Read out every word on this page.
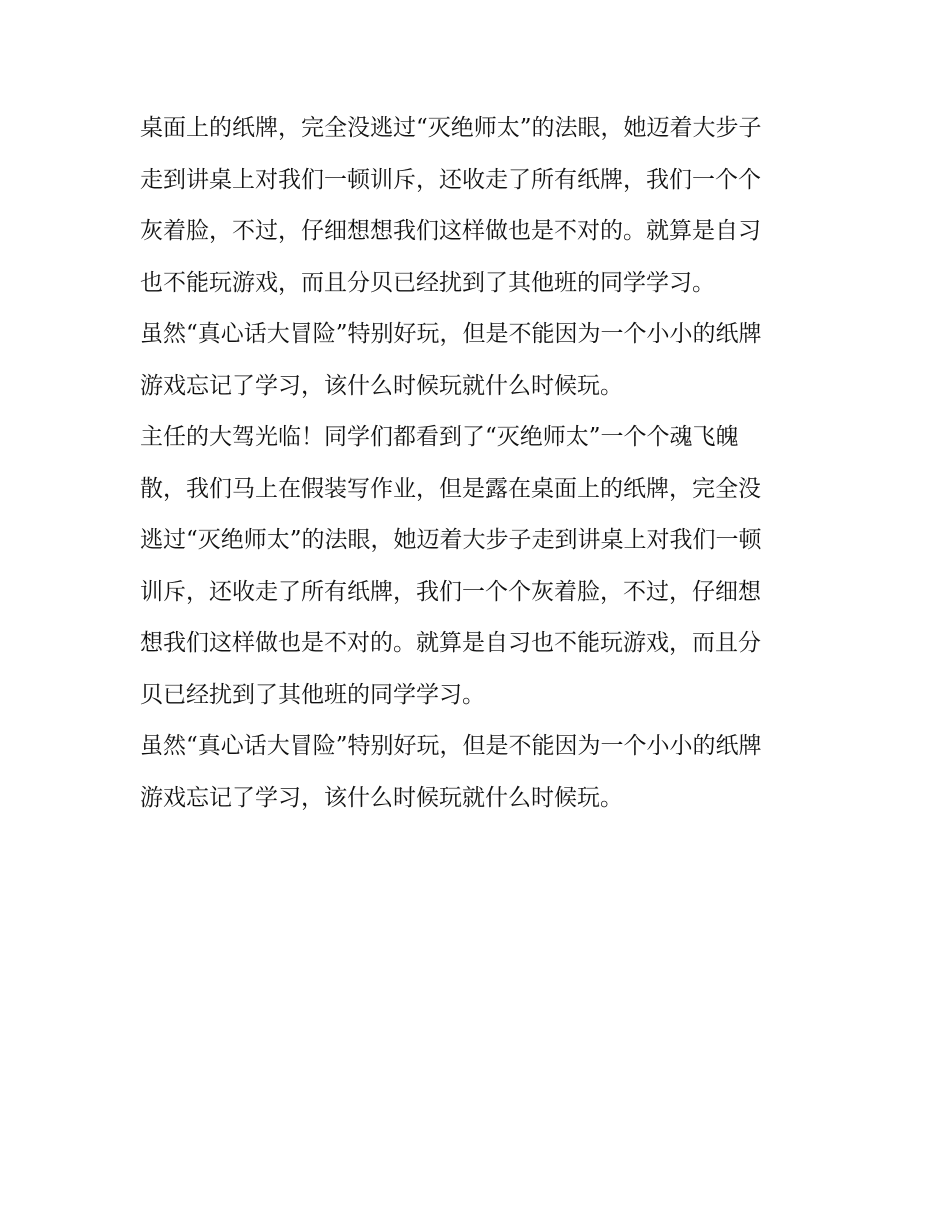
桌面上的纸牌，完全没逃过“灭绝师太”的法眼，她迈着大步子
走到讲桌上对我们一顿训斥，还收走了所有纸牌，我们一个个
灰着脸，不过，仔细想想我们这样做也是不对的。就算是自习
也不能玩游戏，而且分贝已经扰到了其他班的同学学习。
虽然“真心话大冒险”特别好玩，但是不能因为一个小小的纸牌
游戏忘记了学习，该什么时候玩就什么时候玩。
主任的大驾光临！同学们都看到了“灭绝师太”一个个魂飞魄
散，我们马上在假装写作业，但是露在桌面上的纸牌，完全没
逃过“灭绝师太”的法眼，她迈着大步子走到讲桌上对我们一顿
训斥，还收走了所有纸牌，我们一个个灰着脸，不过，仔细想
想我们这样做也是不对的。就算是自习也不能玩游戏，而且分
贝已经扰到了其他班的同学学习。
虽然“真心话大冒险”特别好玩，但是不能因为一个小小的纸牌
游戏忘记了学习，该什么时候玩就什么时候玩。
